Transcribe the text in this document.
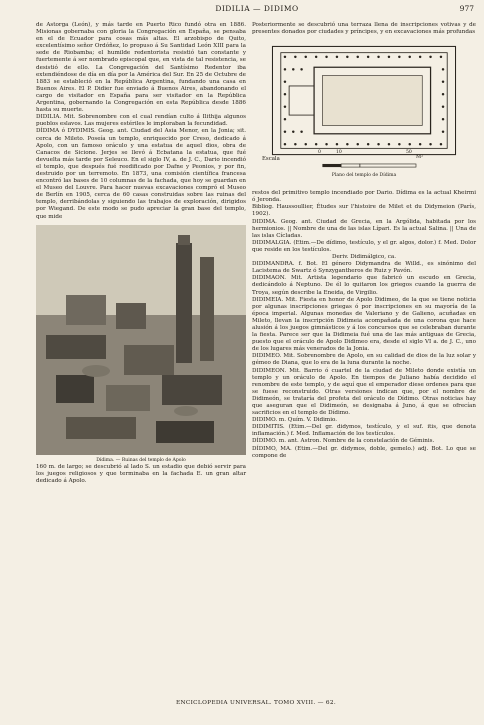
DIDILIA — DIDIMO	977

de Astorga (León), y más tarde en Puerto Rico fundó otra en 1886. Misionas gobernaba con gloria la Congregación en España, se pensaba en el de Ecuador para cosas más altas. El arzobispo de Quito, excelentísimo señor Ordóñez, lo propuso á Su Santidad León XIII para la sede de Riobamba; el humilde redentorista resistió tan constante y fuertemente á ser nombrado episcopal que, en vista de tal resistencia, se desistió de ello. La Congregación del Santísimo Redentor iba extendiéndose de día en día por la América del Sur. En 25 de Octubre de 1883 se estableció en la República Argentina, fundando una casa en Buenos Aires. El P. Didier fue enviado á Buenos Aires, abandonando el cargo de visitador en España para ser visitador en la República Argentina, gobernando la Congregación en esta República desde 1886 hasta su muerte.

DIDILIA. Mit. Sobrenombre con el cual rendían culto á Ilithija algunos pueblos eslavos. Las mujeres estériles le imploraban la fecundidad.

DÍDIMA ó DYDIMIS. Geog. ant. Ciudad del Asia Menor, en la Jonia; sit. cerca de Mileto. Poseía un templo, enriquecido por Creso, dedicado á Apolo, con un famoso oráculo y una estatua de aquel dios, obra de Canacos de Sicione. Jerjes se llevó á Ecbatana la estatua, que fué devuelta más tarde por Seleuco. En el siglo IV, a. de J. C., Dario incendió el templo, que después fué reedificado por Dafne y Peonios, y por fin, destruido por un terremoto. En 1873, una comisión científica francesa encontró las bases de 10 columnas de la fachada, que hoy se guardan en el Museo del Louvre. Para hacer nuevas excavaciones compró el Museo de Berlín en 1905, cerca de 60 casas construidas sobre las ruinas del templo, derribándolas y siguiendo las trabajos de exploración, dirigidos por Wiegand. De este modo se pudo apreciar la gran base del templo, que mide

Dídima. — Ruinas del templo de Apolo

160 m. de largo; se descubrió al lado S. un estadio que debió servir para los juegos religiosos y que terminaba en la fachada E. un gran altar dedicado á Apolo.

Posteriormente se descubrió una terraza llena de inscripciones votivas y de presentes donados por ciudades y príncipes, y en excavaciones más profundas

Escala
0	10	50
M²
Plano del templo de Dídima

restos del primitivo templo incendiado por Dario. Dídima es la actual Kheirmi ó Jeronda.

Bibliog. Haussoullier, Études sur l'histoire de Milet et du Didymeion (París, 1902).

DIDIMA. Geog. ant. Ciudad de Grecia, en la Argólida, habitada por los hermionios. || Nombre de una de las islas Lípari. Es la actual Salina. || Una de las islas Cícladas.

DIDIMALGIA. (Etim.—De dídimo, testículo, y el gr. algos, dolor.) f. Med. Dolor que reside en los testículos.

Deriv. Didimálgico, ca.

DIDIMANDRA. f. Bot. El género Didymandra de Willd., es sinónimo del Lacistema de Swartz ó Synzygantheros de Ruiz y Pavón.

DIDIMAON. Mit. Artista legendario que fabricó un escudo en Grecia, dedicándolo á Neptuno. De él lo quitaron los griegos cuando la guerra de Troya, según describe la Eneida, de Virgilio.

DIDIMEIA. Mit. Fiesta en honor de Apolo Didimeo, de la que se tiene noticia por algunas inscripciones griegas ó por inscripciones en su mayoría de la época imperial. Algunas monedas de Valeriano y de Galieno, acuñadas en Mileto, llevan la inscripción Didimeia acompañada de una corona que hace alusión á los juegos gimnásticos y á los concursos que se celebraban durante la fiesta. Parece ser que la Didimeia fué una de las más antiguas de Grecia, puesto que el oráculo de Apolo Didimeo era, desde el siglo VI a. de J. C., uno de los lugares más venerados de la Jonia.

DIDIMEO. Mit. Sobrenombre de Apolo, en su calidad de dios de la luz solar y gémeo de Diana, que lo era de la luna durante la noche.

DIDIMEON. Mit. Barrio ó cuartel de la ciudad de Mileto donde existía un templo y un oráculo de Apolo. En tiempos de Juliano había decidido el renombre de este templo, y de aquí que el emperador diese ordenes para que se fuese reconstruido. Otras versiones indican que, por el nombre de Didimeón, se trataría del profeta del oráculo de Dídimo. Otras noticias hay que aseguran que el Didimeón, se designaba á Juno, á que se ofrecían sacrificios en el templo de Dídimo.

DIDIMO. m. Quím. V. Didimio.

DIDIMITIS. (Etim.—Del gr. didymos, testículo, y el suf. itis, que denota inflamación.) f. Med. Inflamación de los testículos.

DÍDIMO. m. ant. Astron. Nombre de la constelación de Géminis.

DÍDIMO, MA. (Etim.—Del gr. didymos, doble, gemelo.) adj. Bot. Lo que se compone de

ENCICLOPEDIA UNIVERSAL. TOMO XVIII. — 62.
